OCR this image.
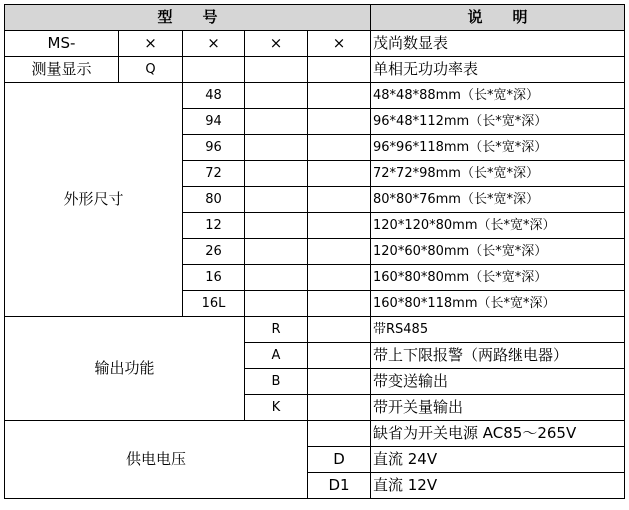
型　　号					说　　明
MS-	×	×	×	×	茂尚数显表
测量显示	Q				单相无功功率表
外形尺寸		48			48*48*88mm（长*宽*深）
		94			96*48*112mm（长*宽*深）
		96			96*96*118mm（长*宽*深）
		72			72*72*98mm（长*宽*深）
		80			80*80*76mm（长*宽*深）
		12			120*120*80mm（长*宽*深）
		26			120*60*80mm（长*宽*深）
		16			160*80*80mm（长*宽*深）
		16L			160*80*118mm（长*宽*深）
输出功能			R		带RS485
			A		带上下限报警（两路继电器）
			B		带变送输出
			K		带开关量输出
供电电压					缺省为开关电源 AC85～265V
				D	直流 24V
				D1	直流 12V
